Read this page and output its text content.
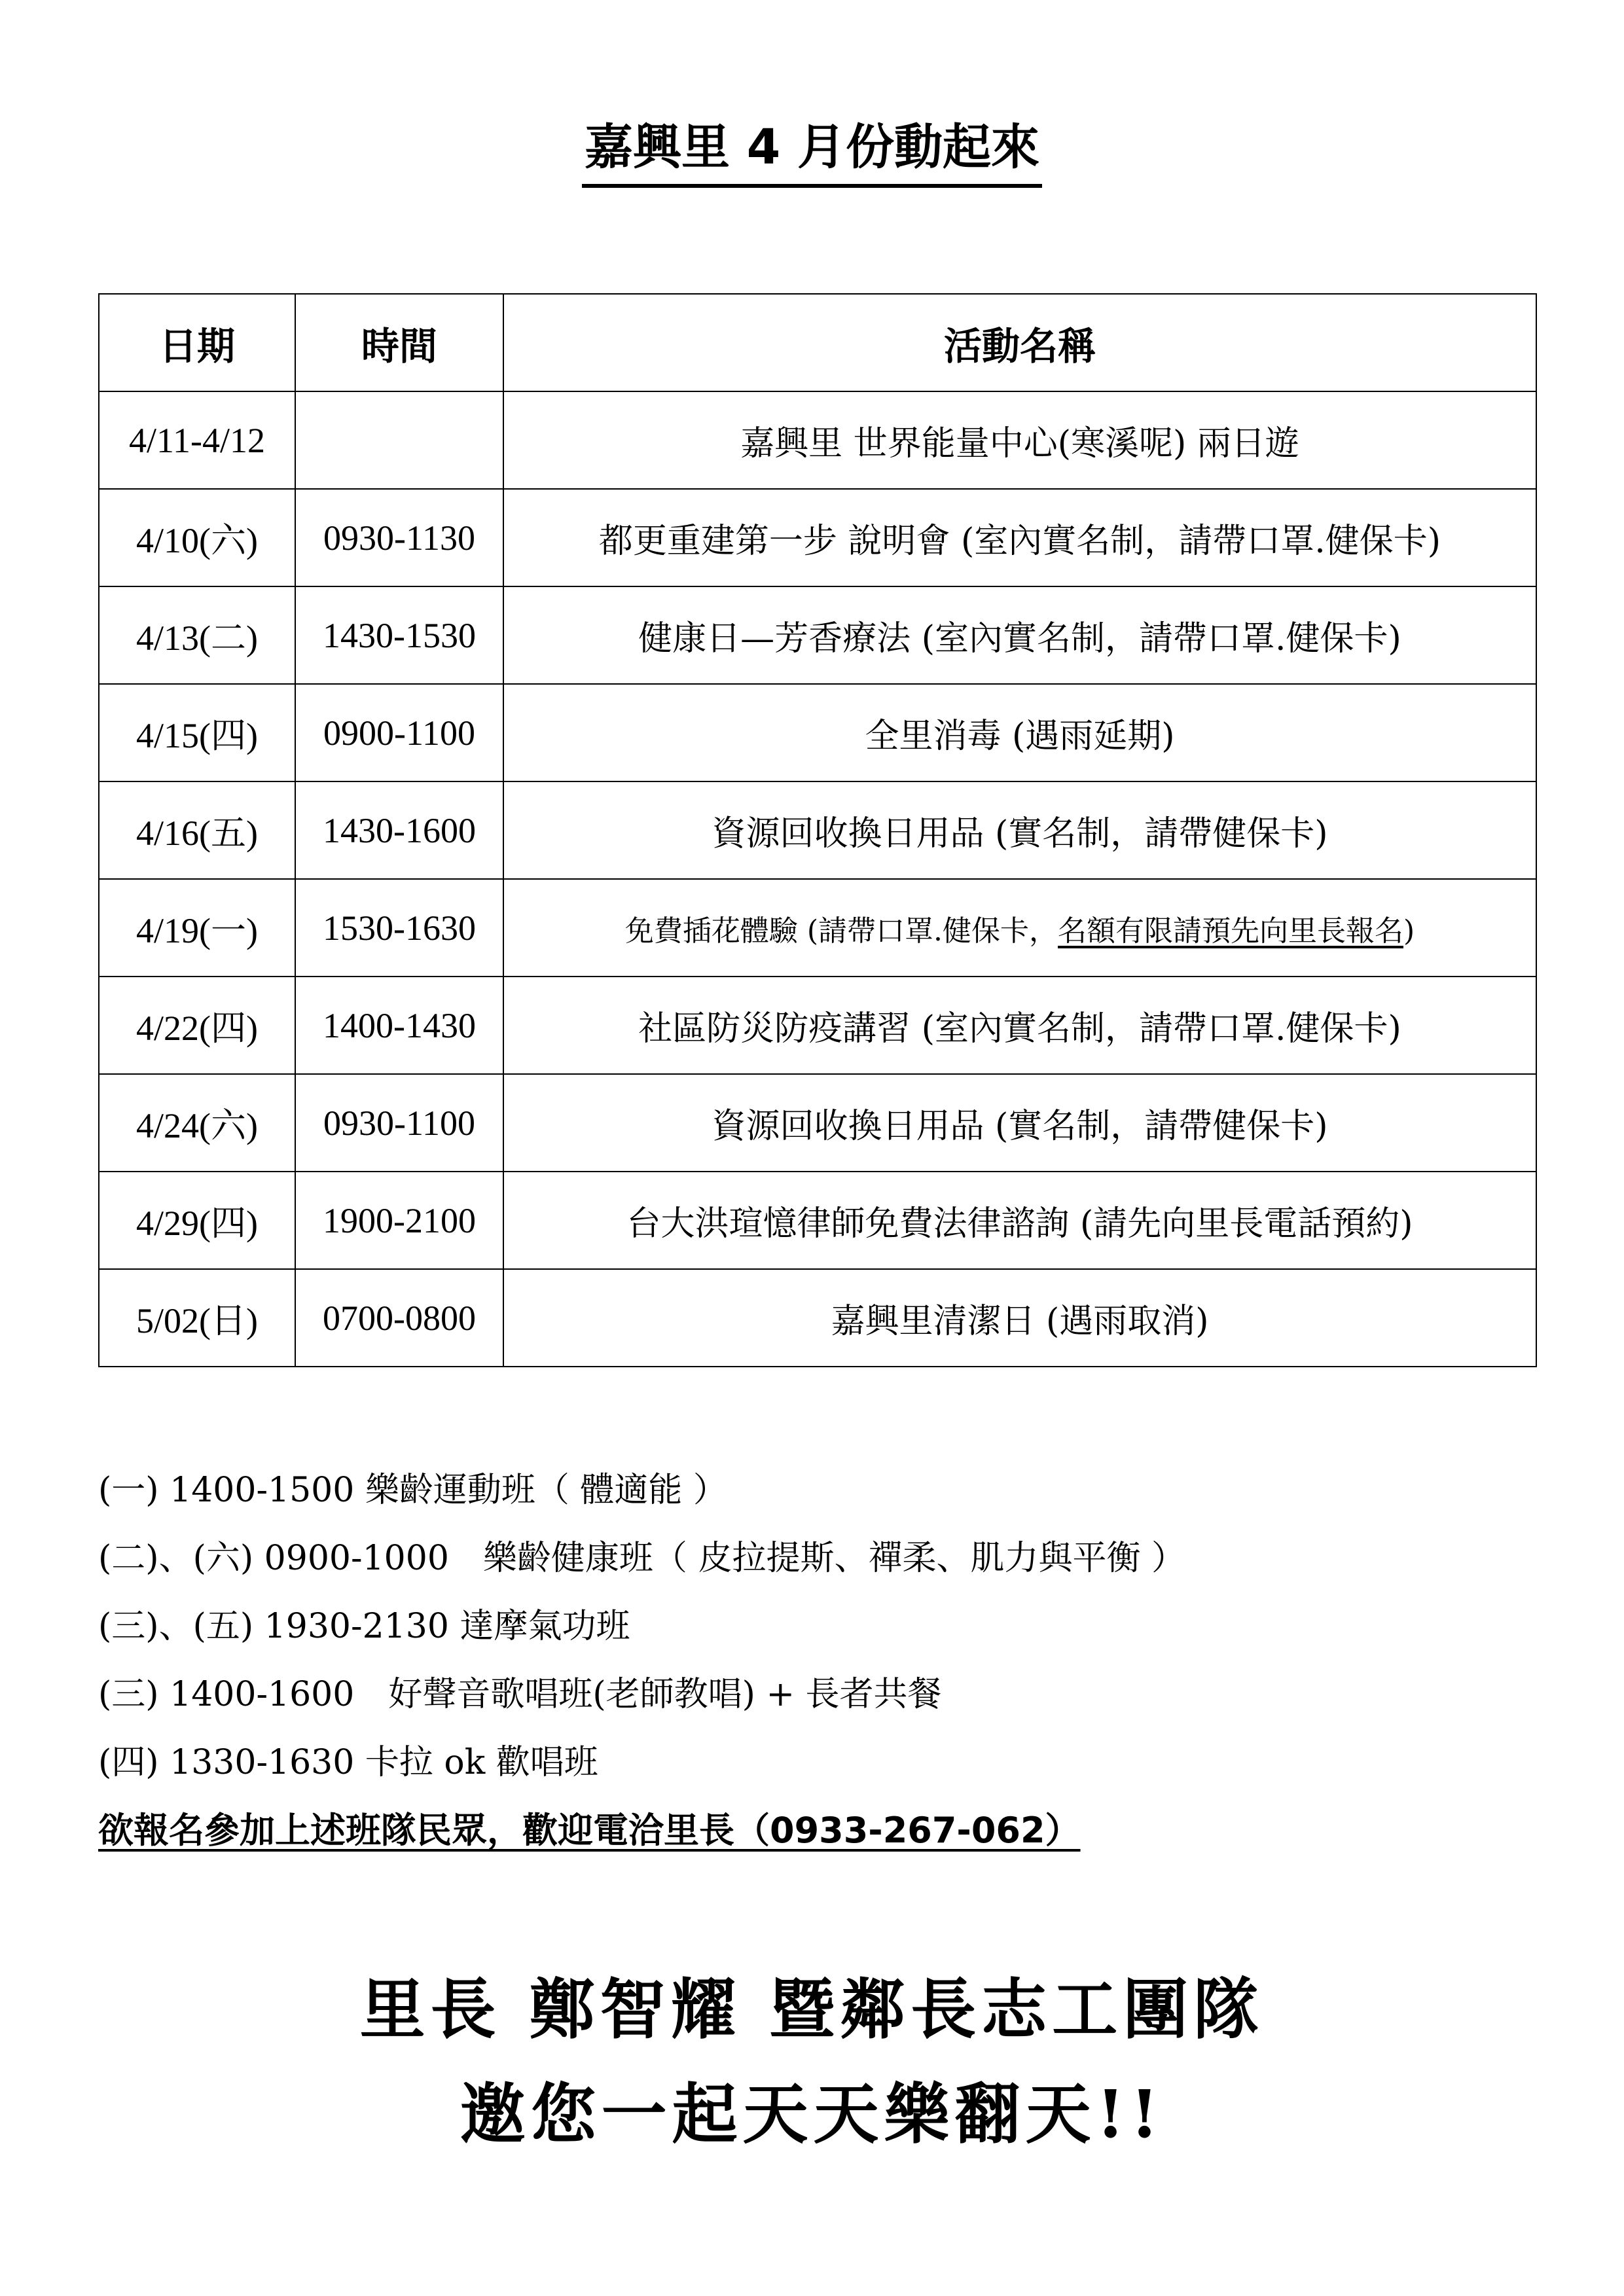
嘉興里 4 月份動起來
日期	時間	活動名稱
4/11-4/12		嘉興里 世界能量中心(寒溪呢) 兩日遊
4/10(六)	0930-1130	都更重建第一步 說明會 (室內實名制，請帶口罩.健保卡)
4/13(二)	1430-1530	健康日—芳香療法 (室內實名制，請帶口罩.健保卡)
4/15(四)	0900-1100	全里消毒 (遇雨延期)
4/16(五)	1430-1600	資源回收換日用品 (實名制，請帶健保卡)
4/19(一)	1530-1630	免費插花體驗 (請帶口罩.健保卡，名額有限請預先向里長報名)
4/22(四)	1400-1430	社區防災防疫講習 (室內實名制，請帶口罩.健保卡)
4/24(六)	0930-1100	資源回收換日用品 (實名制，請帶健保卡)
4/29(四)	1900-2100	台大洪瑄憶律師免費法律諮詢 (請先向里長電話預約)
5/02(日)	0700-0800	嘉興里清潔日 (遇雨取消)
(一) 1400-1500 樂齡運動班（ 體適能 ）
(二)、(六) 0900-1000　樂齡健康班（ 皮拉提斯、禪柔、肌力與平衡 ）
(三)、(五) 1930-2130 達摩氣功班
(三) 1400-1600　好聲音歌唱班(老師教唱) + 長者共餐
(四) 1330-1630 卡拉 ok 歡唱班
欲報名參加上述班隊民眾，歡迎電洽里長（0933-267-062）
里長 鄭智耀 暨鄰長志工團隊
邀您一起天天樂翻天!!
